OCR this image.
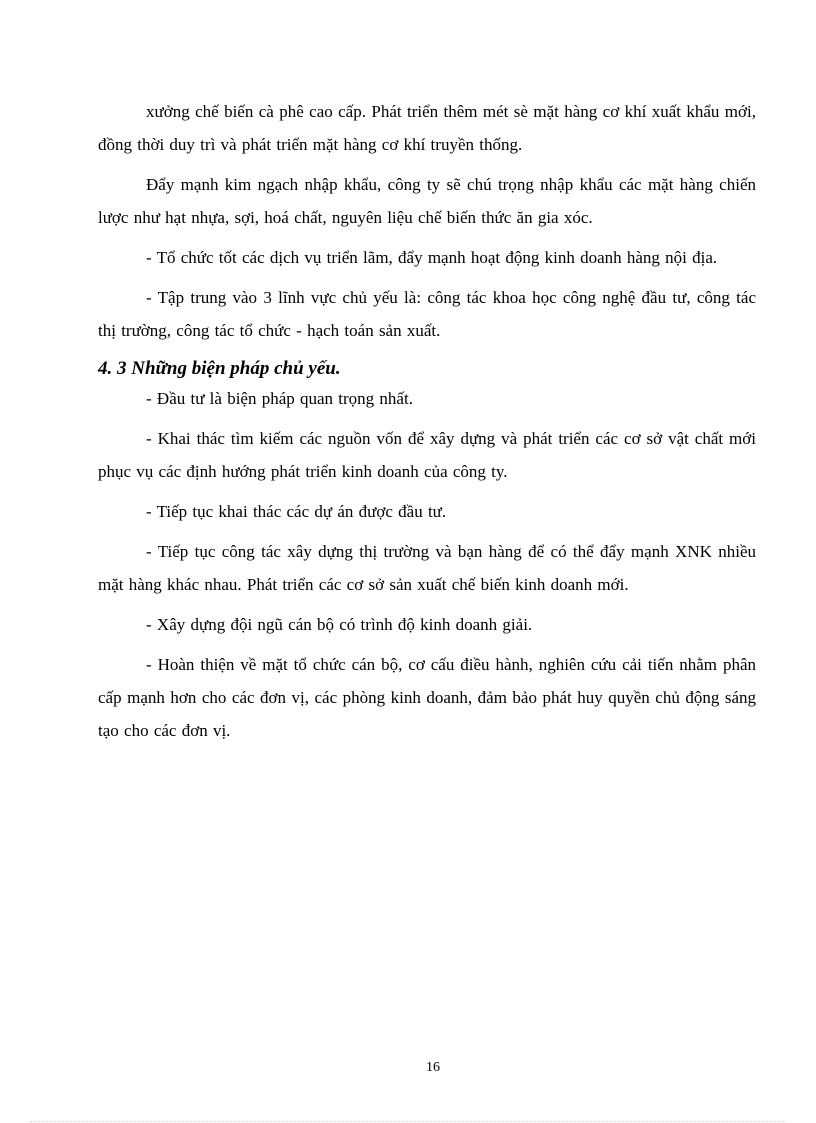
xưởng chế biến cà phê cao cấp. Phát triển thêm mét sè mặt hàng cơ khí xuất khẩu mới, đồng thời duy trì và phát triển mặt hàng cơ khí truyền thống.

Đẩy mạnh kim ngạch nhập khẩu, công ty sẽ chú trọng nhập khẩu các mặt hàng chiến lược như hạt nhựa, sợi, hoá chất, nguyên liệu chế biến thức ăn gia xóc.

- Tổ chức tốt các dịch vụ triển lãm, đẩy mạnh hoạt động kinh doanh hàng nội địa.

- Tập trung vào 3 lĩnh vực chủ yếu là: công tác khoa học công nghệ đầu tư, công tác thị trường, công tác tổ chức - hạch toán sản xuất.

4. 3 Những biện pháp chủ yếu.

- Đầu tư là biện pháp quan trọng nhất.

- Khai thác tìm kiếm các nguồn vốn để xây dựng và phát triển các cơ sở vật chất mới phục vụ các định hướng phát triển kinh doanh của công ty.

- Tiếp tục khai thác các dự án được đầu tư.

- Tiếp tục công tác xây dựng thị trường và bạn hàng để có thể đẩy mạnh XNK nhiều mặt hàng khác nhau. Phát triển các cơ sở sản xuất chế biến kinh doanh mới.

- Xây dựng đội ngũ cán bộ có trình độ kinh doanh giải.

- Hoàn thiện về mặt tổ chức cán bộ, cơ cấu điều hành, nghiên cứu cải tiến nhằm phân cấp mạnh hơn cho các đơn vị, các phòng kinh doanh, đảm bảo phát huy quyền chủ động sáng tạo cho các đơn vị.

16
